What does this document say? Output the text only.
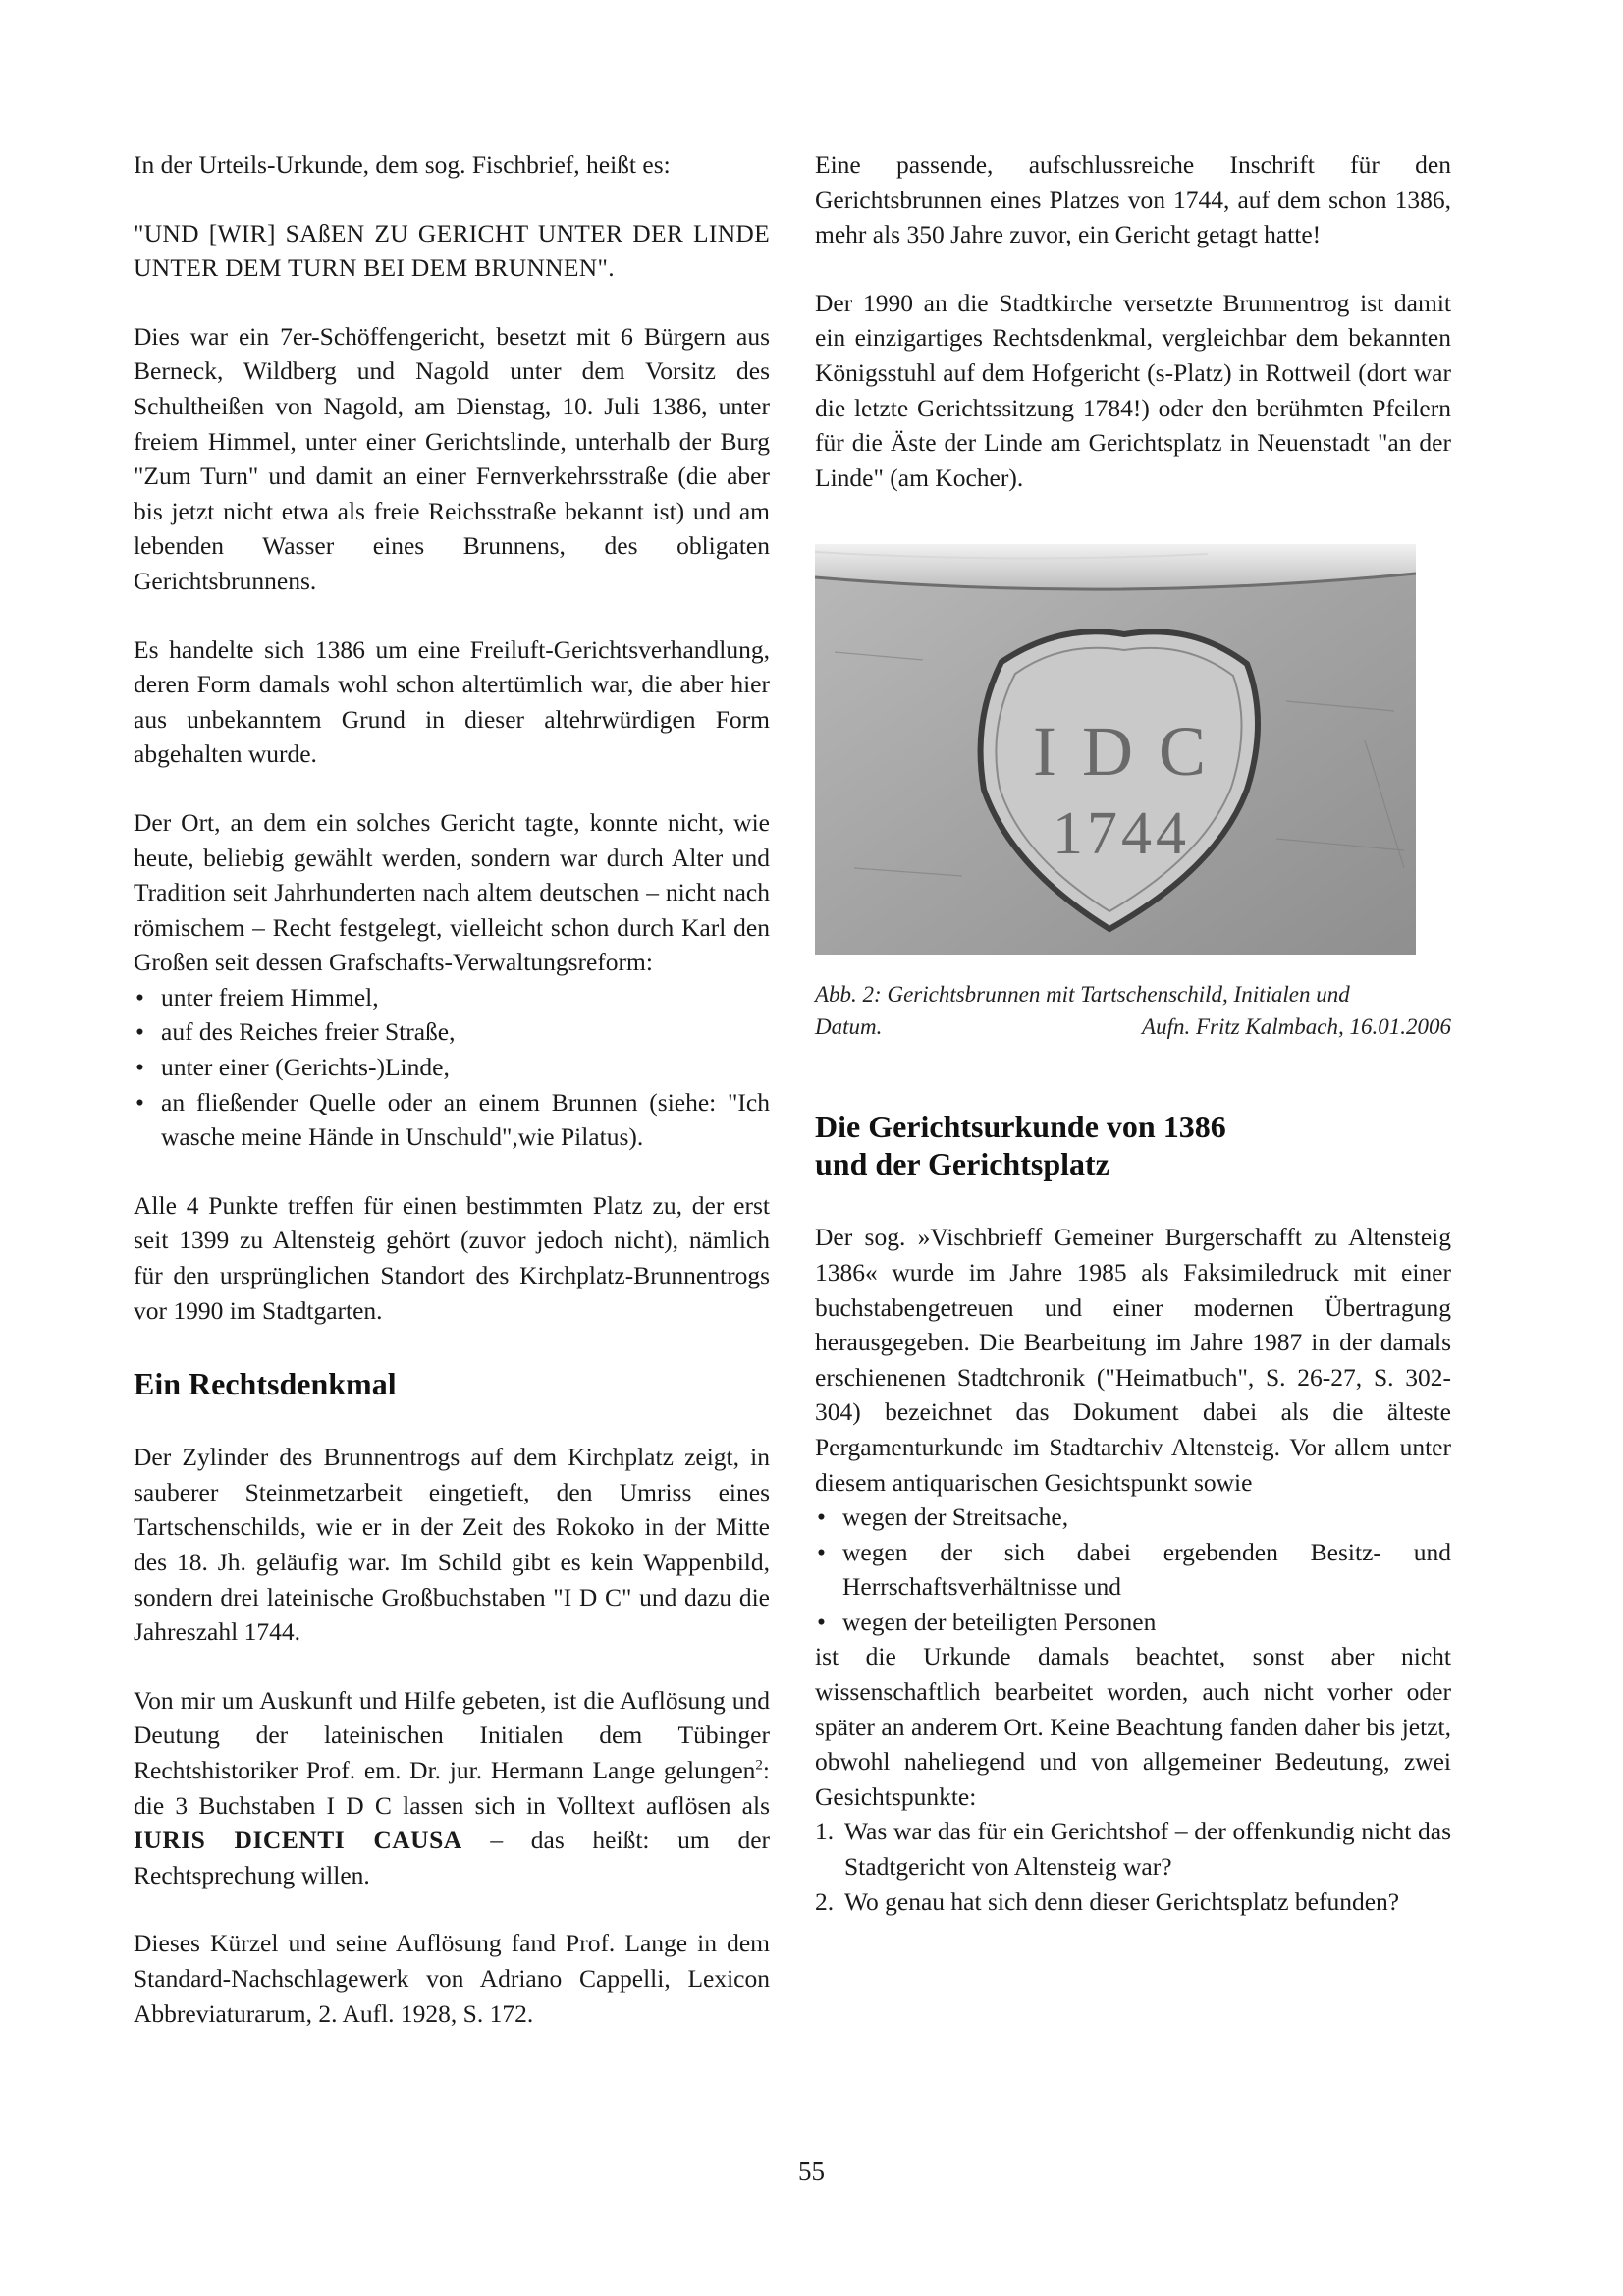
In der Urteils-Urkunde, dem sog. Fischbrief, heißt es:

"UND [WIR] SAßEN ZU GERICHT UNTER DER LINDE UNTER DEM TURN BEI DEM BRUNNEN".

Dies war ein 7er-Schöffengericht, besetzt mit 6 Bürgern aus Berneck, Wildberg und Nagold unter dem Vorsitz des Schultheißen von Nagold, am Dienstag, 10. Juli 1386, unter freiem Himmel, unter einer Gerichtslinde, unterhalb der Burg "Zum Turn" und damit an einer Fernverkehrsstraße (die aber bis jetzt nicht etwa als freie Reichsstraße bekannt ist) und am lebenden Wasser eines Brunnens, des obligaten Gerichtsbrunnens.

Es handelte sich 1386 um eine Freiluft-Gerichtsverhandlung, deren Form damals wohl schon altertümlich war, die aber hier aus unbekanntem Grund in dieser altehrwürdigen Form abgehalten wurde.

Der Ort, an dem ein solches Gericht tagte, konnte nicht, wie heute, beliebig gewählt werden, sondern war durch Alter und Tradition seit Jahrhunderten nach altem deutschen – nicht nach römischem – Recht festgelegt, vielleicht schon durch Karl den Großen seit dessen Grafschafts-Verwaltungsreform:

• unter freiem Himmel,
• auf des Reiches freier Straße,
• unter einer (Gerichts-)Linde,
• an fließender Quelle oder an einem Brunnen (siehe: "Ich wasche meine Hände in Unschuld",wie Pilatus).

Alle 4 Punkte treffen für einen bestimmten Platz zu, der erst seit 1399 zu Altensteig gehört (zuvor jedoch nicht), nämlich für den ursprünglichen Standort des Kirchplatz-Brunnentrogs vor 1990 im Stadtgarten.

Ein Rechtsdenkmal

Der Zylinder des Brunnentrogs auf dem Kirchplatz zeigt, in sauberer Steinmetzarbeit eingetieft, den Umriss eines Tartschenschilds, wie er in der Zeit des Rokoko in der Mitte des 18. Jh. geläufig war. Im Schild gibt es kein Wappenbild, sondern drei lateinische Großbuchstaben "I D C" und dazu die Jahreszahl 1744.

Von mir um Auskunft und Hilfe gebeten, ist die Auflösung und Deutung der lateinischen Initialen dem Tübinger Rechtshistoriker Prof. em. Dr. jur. Hermann Lange gelungen$^2$: die 3 Buchstaben I D C lassen sich in Volltext auflösen als IURIS DICENTI CAUSA – das heißt: um der Rechtsprechung willen.

Dieses Kürzel und seine Auflösung fand Prof. Lange in dem Standard-Nachschlagewerk von Adriano Cappelli, Lexicon Abbreviaturarum, 2. Aufl. 1928, S. 172.

Eine passende, aufschlussreiche Inschrift für den Gerichtsbrunnen eines Platzes von 1744, auf dem schon 1386, mehr als 350 Jahre zuvor, ein Gericht getagt hatte!

Der 1990 an die Stadtkirche versetzte Brunnentrog ist damit ein einzigartiges Rechtsdenkmal, vergleichbar dem bekannten Königsstuhl auf dem Hofgericht (s-Platz) in Rottweil (dort war die letzte Gerichtssitzung 1784!) oder den berühmten Pfeilern für die Äste der Linde am Gerichtsplatz in Neuenstadt "an der Linde" (am Kocher).

I D C
1744
Abb. 2: Gerichtsbrunnen mit Tartschenschild, Initialen und
Datum.	Aufn. Fritz Kalmbach, 16.01.2006
Die Gerichtsurkunde von 1386 und der Gerichtsplatz

Der sog. »Vischbrieff Gemeiner Burgerschafft zu Altensteig 1386« wurde im Jahre 1985 als Faksimiledruck mit einer buchstabengetreuen und einer modernen Übertragung herausgegeben. Die Bearbeitung im Jahre 1987 in der damals erschienenen Stadtchronik ("Heimatbuch", S. 26-27, S. 302-304) bezeichnet das Dokument dabei als die älteste Pergamenturkunde im Stadtarchiv Altensteig. Vor allem unter diesem antiquarischen Gesichtspunkt sowie

• wegen der Streitsache,
• wegen der sich dabei ergebenden Besitz- und Herrschaftsverhältnisse und
• wegen der beteiligten Personen

ist die Urkunde damals beachtet, sonst aber nicht wissenschaftlich bearbeitet worden, auch nicht vorher oder später an anderem Ort. Keine Beachtung fanden daher bis jetzt, obwohl naheliegend und von allgemeiner Bedeutung, zwei Gesichtspunkte:

1. Was war das für ein Gerichtshof – der offenkundig nicht das Stadtgericht von Altensteig war?
2. Wo genau hat sich denn dieser Gerichtsplatz befunden?
55
